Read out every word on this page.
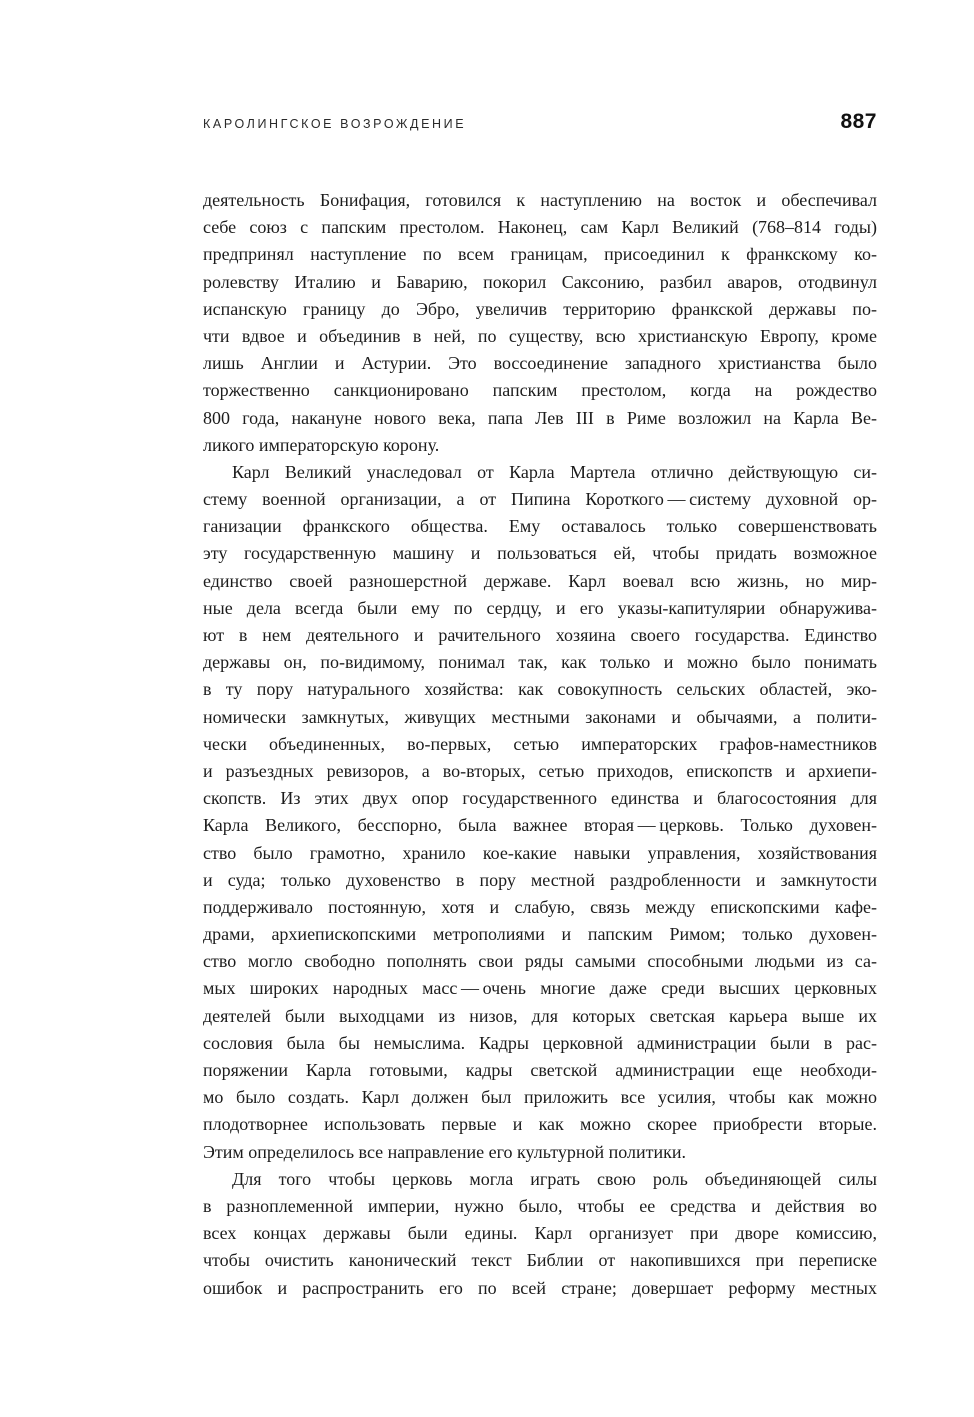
КАРОЛИНГСКОЕ ВОЗРОЖДЕНИЕ	887
деятельность Бонифация, готовился к наступлению на восток и обеспечивал
себе союз с папским престолом. Наконец, сам Карл Великий (768–814 годы)
предпринял наступление по всем границам, присоединил к франкскому ко-
ролевству Италию и Баварию, покорил Саксонию, разбил аваров, отодвинул
испанскую границу до Эбро, увеличив территорию франкской державы по-
чти вдвое и объединив в ней, по существу, всю христианскую Европу, кроме
лишь Англии и Астурии. Это воссоединение западного христианства было
торжественно санкционировано папским престолом, когда на рождество
800 года, накануне нового века, папа Лев III в Риме возложил на Карла Ве-
ликого императорскую корону.
Карл Великий унаследовал от Карла Мартела отлично действующую си-
стему военной организации, а от Пипина Короткого — систему духовной ор-
ганизации франкского общества. Ему оставалось только совершенствовать
эту государственную машину и пользоваться ей, чтобы придать возможное
единство своей разношерстной державе. Карл воевал всю жизнь, но мир-
ные дела всегда были ему по сердцу, и его указы-капитулярии обнаружива-
ют в нем деятельного и рачительного хозяина своего государства. Единство
державы он, по-видимому, понимал так, как только и можно было понимать
в ту пору натурального хозяйства: как совокупность сельских областей, эко-
номически замкнутых, живущих местными законами и обычаями, а полити-
чески объединенных, во-первых, сетью императорских графов-наместников
и разъездных ревизоров, а во-вторых, сетью приходов, епископств и архиепи-
скопств. Из этих двух опор государственного единства и благосостояния для
Карла Великого, бесспорно, была важнее вторая — церковь. Только духовен-
ство было грамотно, хранило кое-какие навыки управления, хозяйствования
и суда; только духовенство в пору местной раздробленности и замкнутости
поддерживало постоянную, хотя и слабую, связь между епископскими кафе-
драми, архиепископскими метрополиями и папским Римом; только духовен-
ство могло свободно пополнять свои ряды самыми способными людьми из са-
мых широких народных масс — очень многие даже среди высших церковных
деятелей были выходцами из низов, для которых светская карьера выше их
сословия была бы немыслима. Кадры церковной администрации были в рас-
поряжении Карла готовыми, кадры светской администрации еще необходи-
мо было создать. Карл должен был приложить все усилия, чтобы как можно
плодотворнее использовать первые и как можно скорее приобрести вторые.
Этим определилось все направление его культурной политики.
Для того чтобы церковь могла играть свою роль объединяющей силы
в разноплеменной империи, нужно было, чтобы ее средства и действия во
всех концах державы были едины. Карл организует при дворе комиссию,
чтобы очистить канонический текст Библии от накопившихся при переписке
ошибок и распространить его по всей стране; довершает реформу местных
